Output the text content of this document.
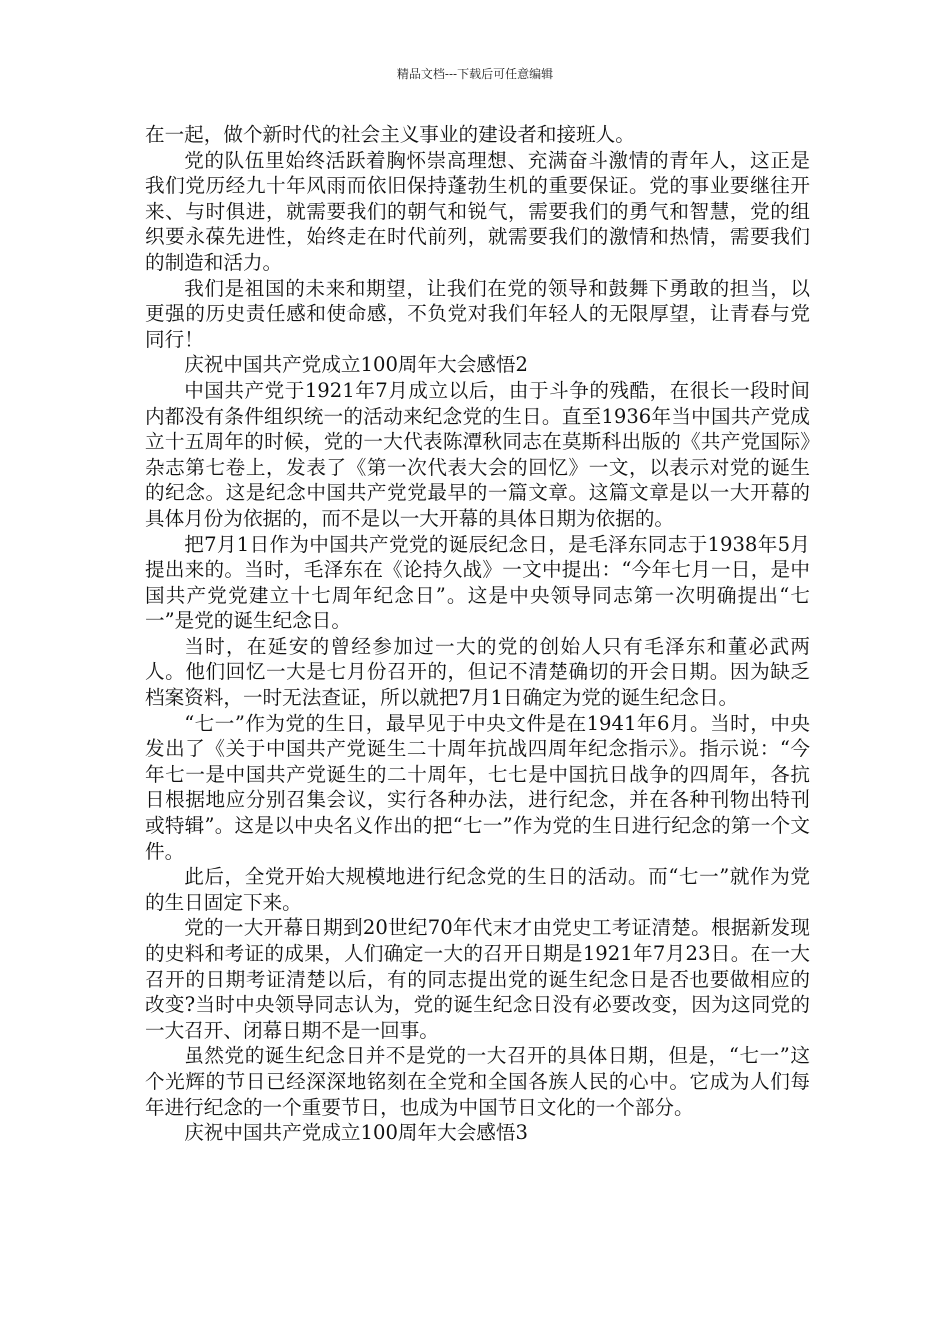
精品文档---下载后可任意编辑

在一起，做个新时代的社会主义事业的建设者和接班人。

党的队伍里始终活跃着胸怀崇高理想、充满奋斗激情的青年人，这正是我们党历经九十年风雨而依旧保持蓬勃生机的重要保证。党的事业要继往开来、与时俱进，就需要我们的朝气和锐气，需要我们的勇气和智慧，党的组织要永葆先进性，始终走在时代前列，就需要我们的激情和热情，需要我们的制造和活力。

我们是祖国的未来和期望，让我们在党的领导和鼓舞下勇敢的担当，以更强的历史责任感和使命感，不负党对我们年轻人的无限厚望，让青春与党同行！

庆祝中国共产党成立100周年大会感悟2

中国共产党于1921年7月成立以后，由于斗争的残酷，在很长一段时间内都没有条件组织统一的活动来纪念党的生日。直至1936年当中国共产党成立十五周年的时候，党的一大代表陈潭秋同志在莫斯科出版的《共产党国际》杂志第七卷上，发表了《第一次代表大会的回忆》一文，以表示对党的诞生的纪念。这是纪念中国共产党党最早的一篇文章。这篇文章是以一大开幕的具体月份为依据的，而不是以一大开幕的具体日期为依据的。

把7月1日作为中国共产党党的诞辰纪念日，是毛泽东同志于1938年5月提出来的。当时，毛泽东在《论持久战》一文中提出：“今年七月一日，是中国共产党党建立十七周年纪念日”。这是中央领导同志第一次明确提出“七一”是党的诞生纪念日。

当时，在延安的曾经参加过一大的党的创始人只有毛泽东和董必武两人。他们回忆一大是七月份召开的，但记不清楚确切的开会日期。因为缺乏档案资料，一时无法查证，所以就把7月1日确定为党的诞生纪念日。

“七一”作为党的生日，最早见于中央文件是在1941年6月。当时，中央发出了《关于中国共产党诞生二十周年抗战四周年纪念指示》。指示说：“今年七一是中国共产党诞生的二十周年，七七是中国抗日战争的四周年，各抗日根据地应分别召集会议，实行各种办法，进行纪念，并在各种刊物出特刊或特辑”。这是以中央名义作出的把“七一”作为党的生日进行纪念的第一个文件。

此后，全党开始大规模地进行纪念党的生日的活动。而“七一”就作为党的生日固定下来。

党的一大开幕日期到20世纪70年代末才由党史工考证清楚。根据新发现的史料和考证的成果，人们确定一大的召开日期是1921年7月23日。在一大召开的日期考证清楚以后，有的同志提出党的诞生纪念日是否也要做相应的改变?当时中央领导同志认为，党的诞生纪念日没有必要改变，因为这同党的一大召开、闭幕日期不是一回事。

虽然党的诞生纪念日并不是党的一大召开的具体日期，但是，“七一”这个光辉的节日已经深深地铭刻在全党和全国各族人民的心中。它成为人们每年进行纪念的一个重要节日，也成为中国节日文化的一个部分。

庆祝中国共产党成立100周年大会感悟3
